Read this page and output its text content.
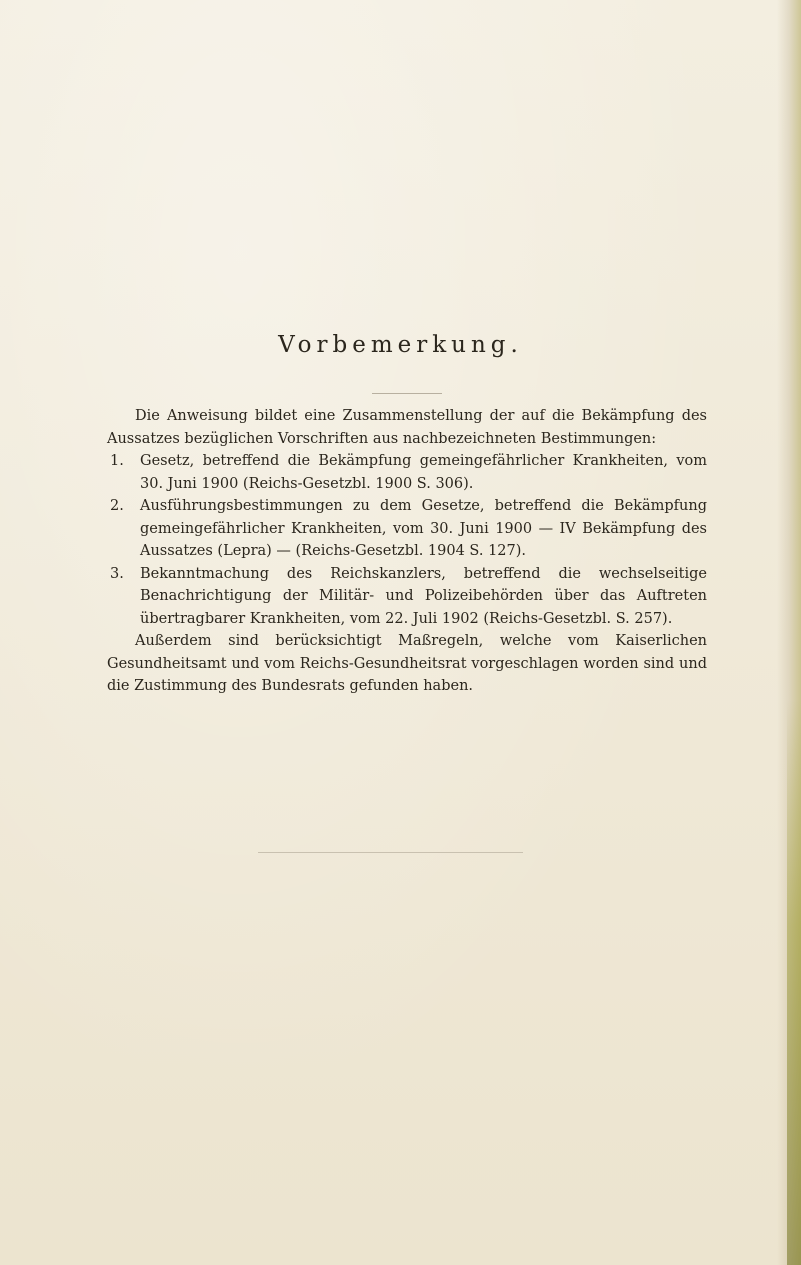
Vorbemerkung.

Die Anweisung bildet eine Zusammenstellung der auf die Bekämpfung des Aussatzes bezüglichen Vorschriften aus nachbezeichneten Bestimmungen:

1. Gesetz, betreffend die Bekämpfung gemeingefährlicher Krankheiten, vom 30. Juni 1900 (Reichs-Gesetzbl. 1900 S. 306).
2. Ausführungsbestimmungen zu dem Gesetze, betreffend die Bekämpfung gemeingefährlicher Krankheiten, vom 30. Juni 1900 — IV Bekämpfung des Aussatzes (Lepra) — (Reichs-Gesetzbl. 1904 S. 127).
3. Bekanntmachung des Reichskanzlers, betreffend die wechselseitige Benachrichtigung der Militär- und Polizeibehörden über das Auftreten übertragbarer Krankheiten, vom 22. Juli 1902 (Reichs-Gesetzbl. S. 257).

Außerdem sind berücksichtigt Maßregeln, welche vom Kaiserlichen Gesundheitsamt und vom Reichs-Gesundheitsrat vorgeschlagen worden sind und die Zustimmung des Bundesrats gefunden haben.
